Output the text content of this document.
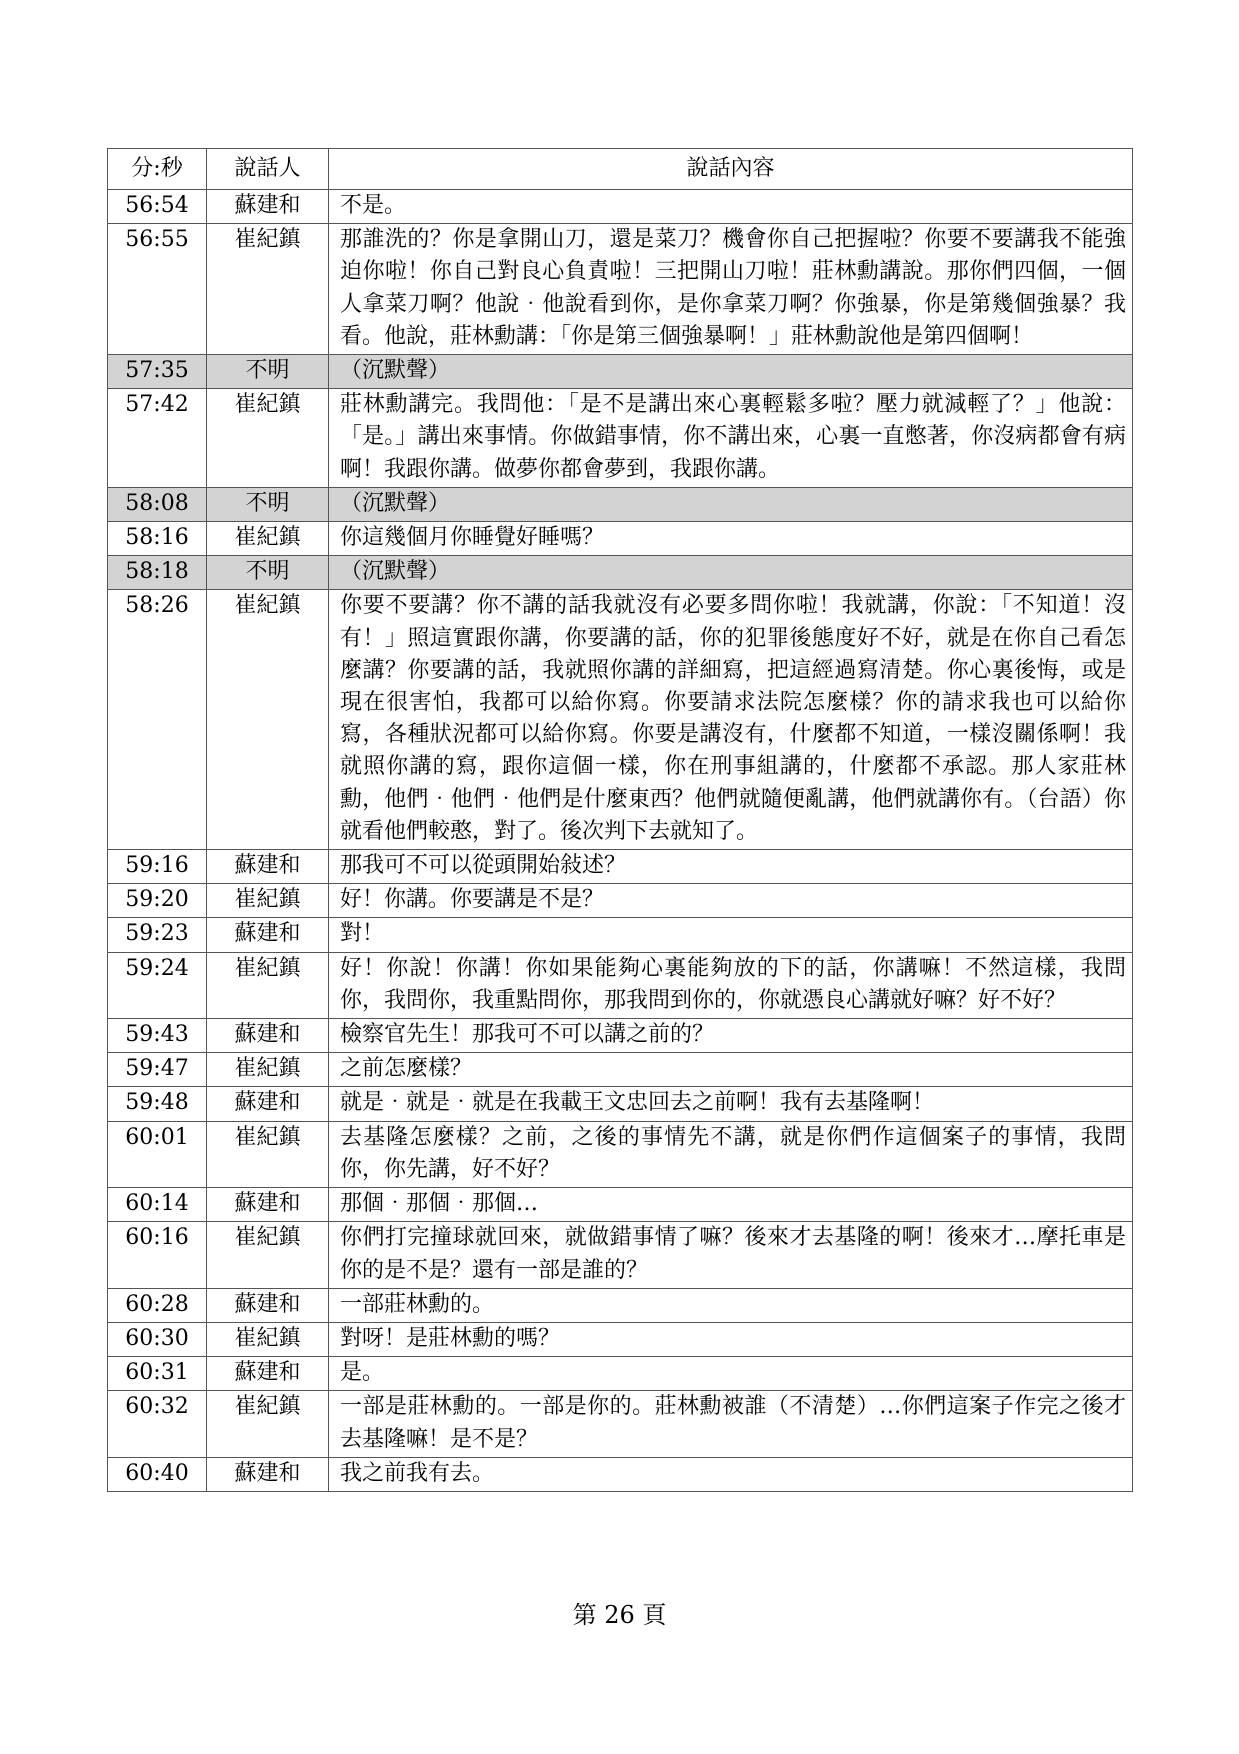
分:秒	說話人	說話內容
56:54	蘇建和	不是。
56:55	崔紀鎮	那誰洗的？你是拿開山刀，還是菜刀？機會你自己把握啦？你要不要講我不能強迫你啦！你自己對良心負責啦！三把開山刀啦！莊林勳講說。那你們四個，一個人拿菜刀啊？他說‧他說看到你，是你拿菜刀啊？你強暴，你是第幾個強暴？我看。他說，莊林勳講：「你是第三個強暴啊！」莊林勳說他是第四個啊！
57:35	不明	（沉默聲）
57:42	崔紀鎮	莊林勳講完。我問他：「是不是講出來心裏輕鬆多啦？壓力就減輕了？」他說：「是。」講出來事情。你做錯事情，你不講出來，心裏一直憋著，你沒病都會有病啊！我跟你講。做夢你都會夢到，我跟你講。
58:08	不明	（沉默聲）
58:16	崔紀鎮	你這幾個月你睡覺好睡嗎？
58:18	不明	（沉默聲）
58:26	崔紀鎮	你要不要講？你不講的話我就沒有必要多問你啦！我就講，你說：「不知道！沒有！」照這實跟你講，你要講的話，你的犯罪後態度好不好，就是在你自己看怎麼講？你要講的話，我就照你講的詳細寫，把這經過寫清楚。你心裏後悔，或是現在很害怕，我都可以給你寫。你要請求法院怎麼樣？你的請求我也可以給你寫，各種狀況都可以給你寫。你要是講沒有，什麼都不知道，一樣沒關係啊！我就照你講的寫，跟你這個一樣，你在刑事組講的，什麼都不承認。那人家莊林勳，他們‧他們‧他們是什麼東西？他們就隨便亂講，他們就講你有。（台語）你就看他們較憨，對了。後次判下去就知了。
59:16	蘇建和	那我可不可以從頭開始敍述？
59:20	崔紀鎮	好！你講。你要講是不是？
59:23	蘇建和	對！
59:24	崔紀鎮	好！你說！你講！你如果能夠心裏能夠放的下的話，你講嘛！不然這樣，我問你，我問你，我重點問你，那我問到你的，你就憑良心講就好嘛？好不好？
59:43	蘇建和	檢察官先生！那我可不可以講之前的？
59:47	崔紀鎮	之前怎麼樣？
59:48	蘇建和	就是‧就是‧就是在我載王文忠回去之前啊！我有去基隆啊！
60:01	崔紀鎮	去基隆怎麼樣？之前，之後的事情先不講，就是你們作這個案子的事情，我問你，你先講，好不好？
60:14	蘇建和	那個‧那個‧那個…
60:16	崔紀鎮	你們打完撞球就回來，就做錯事情了嘛？後來才去基隆的啊！後來才…摩托車是你的是不是？還有一部是誰的？
60:28	蘇建和	一部莊林勳的。
60:30	崔紀鎮	對呀！是莊林勳的嗎？
60:31	蘇建和	是。
60:32	崔紀鎮	一部是莊林勳的。一部是你的。莊林勳被誰（不清楚）…你們這案子作完之後才去基隆嘛！是不是？
60:40	蘇建和	我之前我有去。
第 26 頁
